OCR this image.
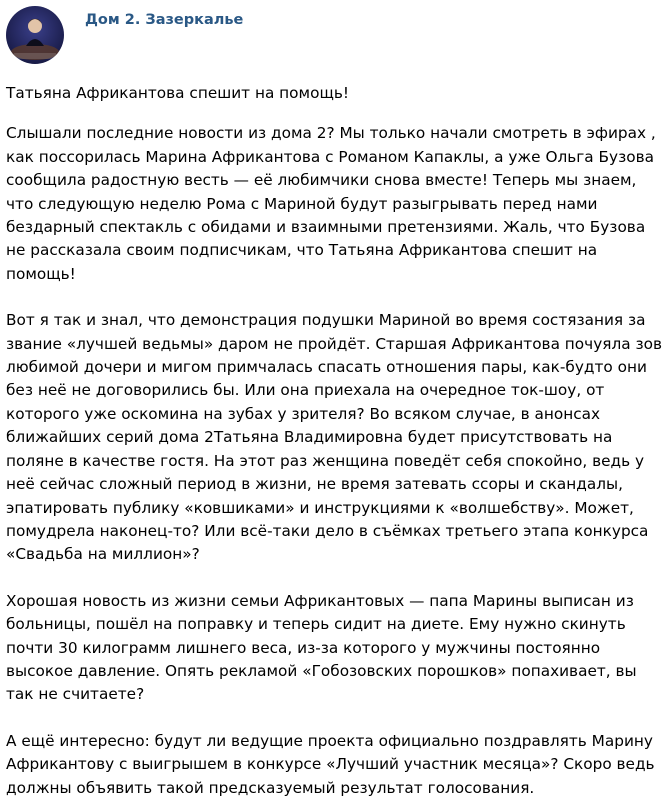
Дом 2. Зазеркалье

Татьяна Африкантова спешит на помощь!

Слышали последние новости из дома 2? Мы только начали смотреть в эфирах , как поссорилась Марина Африкантова с Романом Капаклы, а уже Ольга Бузова сообщила радостную весть — её любимчики снова вместе! Теперь мы знаем, что следующую неделю Рома с Мариной будут разыгрывать перед нами бездарный спектакль с обидами и взаимными претензиями. Жаль, что Бузова не рассказала своим подписчикам, что Татьяна Африкантова спешит на помощь!

Вот я так и знал, что демонстрация подушки Мариной во время состязания за звание «лучшей ведьмы» даром не пройдёт. Старшая Африкантова почуяла зов любимой дочери и мигом примчалась спасать отношения пары, как-будто они без неё не договорились бы. Или она приехала на очередное ток-шоу, от которого уже оскомина на зубах у зрителя? Во всяком случае, в анонсах ближайших серий дома 2Татьяна Владимировна будет присутствовать на поляне в качестве гостя. На этот раз женщина поведёт себя спокойно, ведь у неё сейчас сложный период в жизни, не время затевать ссоры и скандалы, эпатировать публику «ковшиками» и инструкциями к «волшебству». Может, помудрела наконец-то? Или всё-таки дело в съёмках третьего этапа конкурса «Свадьба на миллион»?

Хорошая новость из жизни семьи Африкантовых — папа Марины выписан из больницы, пошёл на поправку и теперь сидит на диете. Ему нужно скинуть почти 30 килограмм лишнего веса, из-за которого у мужчины постоянно высокое давление. Опять рекламой «Гобозовских порошков» попахивает, вы так не считаете?

А ещё интересно: будут ли ведущие проекта официально поздравлять Марину Африкантову с выигрышем в конкурсе «Лучший участник месяца»? Скоро ведь должны объявить такой предсказуемый результат голосования.
